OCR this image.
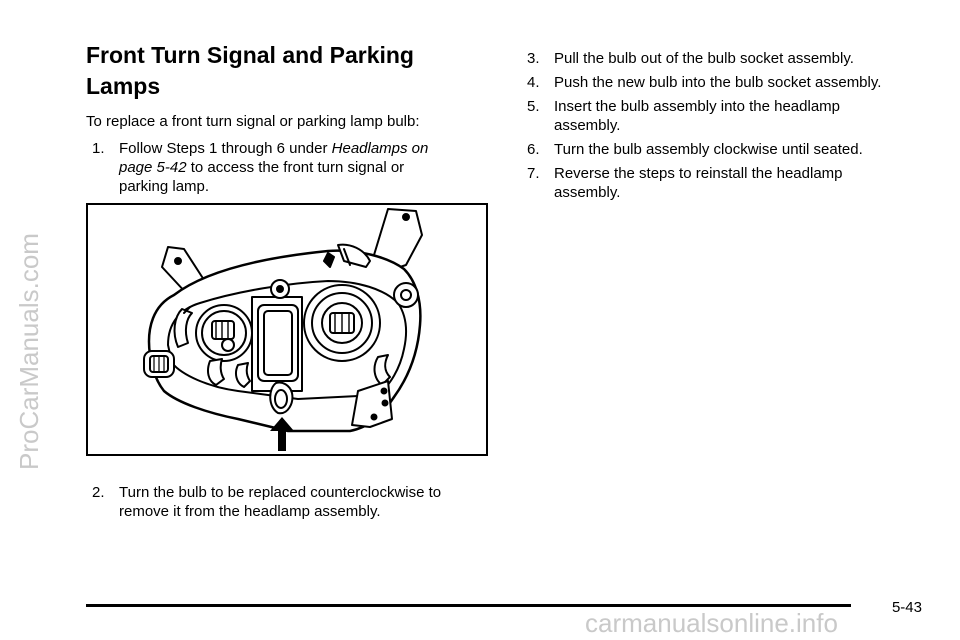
ProCarManuals.com
Front Turn Signal and Parking Lamps

To replace a front turn signal or parking lamp bulb:

1. Follow Steps 1 through 6 under Headlamps on page 5-42 to access the front turn signal or parking lamp.
2. Turn the bulb to be replaced counterclockwise to remove it from the headlamp assembly.
3. Pull the bulb out of the bulb socket assembly.
4. Push the new bulb into the bulb socket assembly.
5. Insert the bulb assembly into the headlamp assembly.
6. Turn the bulb assembly clockwise until seated.
7. Reverse the steps to reinstall the headlamp assembly.
5-43
carmanualsonline.info
